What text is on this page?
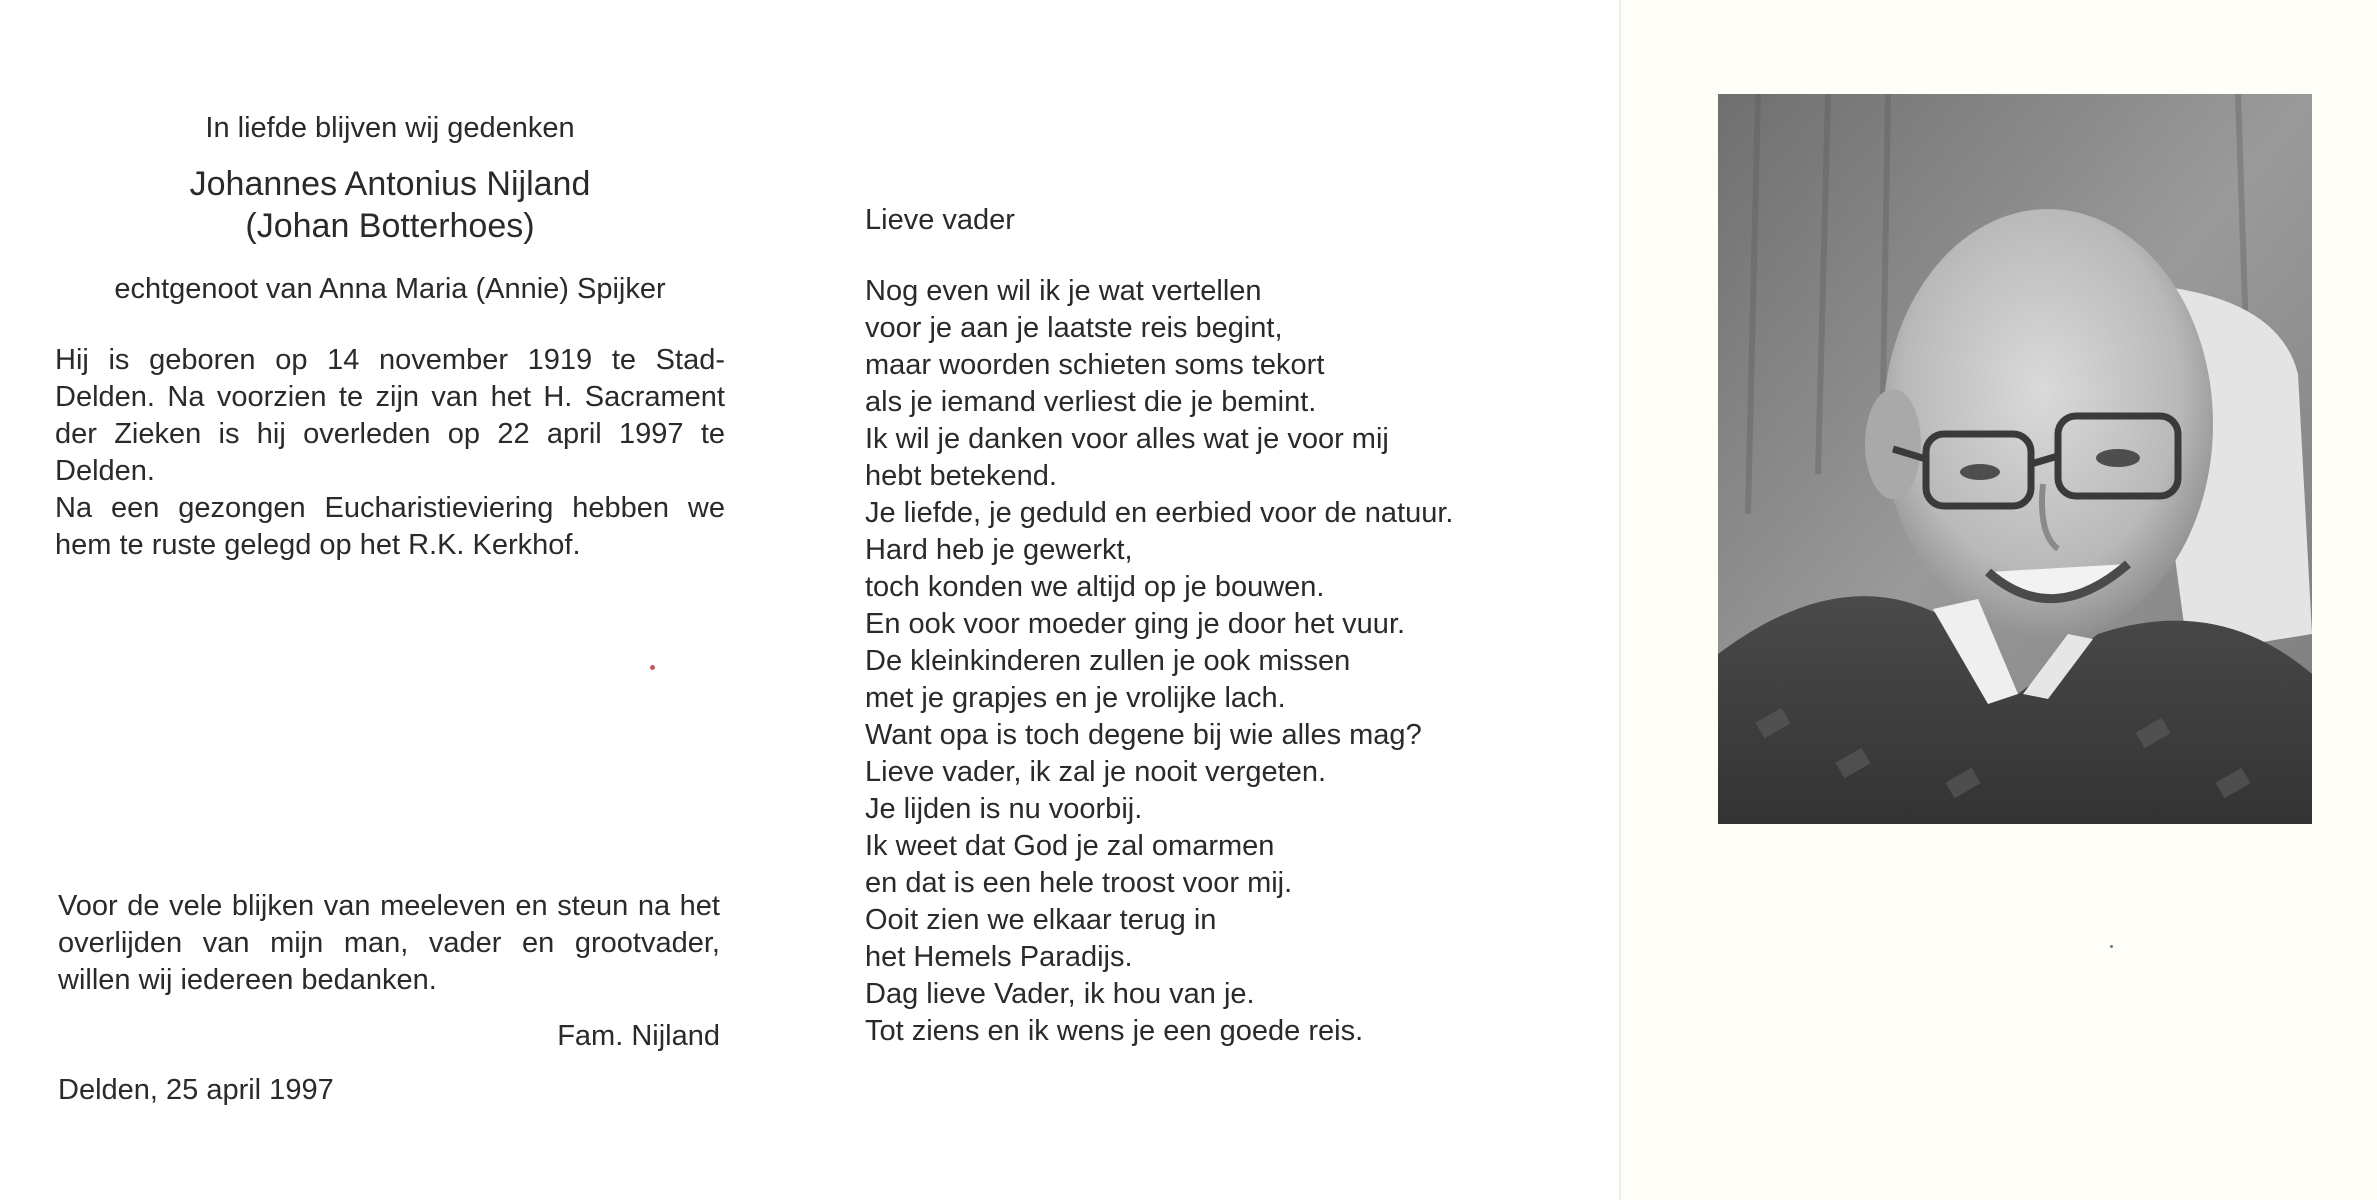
In liefde blijven wij gedenken

Johannes Antonius Nijland

(Johan Botterhoes)

echtgenoot van Anna Maria (Annie) Spijker

Hij is geboren op 14 november 1919 te Stad-Delden. Na voorzien te zijn van het H. Sacrament der Zieken is hij overleden op 22 april 1997 te Delden.

Na een gezongen Eucharistieviering hebben we hem te ruste gelegd op het R.K. Kerkhof.

Voor de vele blijken van meeleven en steun na het overlijden van mijn man, vader en grootvader, willen wij iedereen bedanken.

Fam. Nijland
Delden, 25 april 1997

Lieve vader

Nog even wil ik je wat vertellen
voor je aan je laatste reis begint,
maar woorden schieten soms tekort
als je iemand verliest die je bemint.
Ik wil je danken voor alles wat je voor mij
hebt betekend.
Je liefde, je geduld en eerbied voor de natuur.
Hard heb je gewerkt,
toch konden we altijd op je bouwen.
En ook voor moeder ging je door het vuur.
De kleinkinderen zullen je ook missen
met je grapjes en je vrolijke lach.
Want opa is toch degene bij wie alles mag?
Lieve vader, ik zal je nooit vergeten.
Je lijden is nu voorbij.
Ik weet dat God je zal omarmen
en dat is een hele troost voor mij.
Ooit zien we elkaar terug in
het Hemels Paradijs.
Dag lieve Vader, ik hou van je.
Tot ziens en ik wens je een goede reis.
